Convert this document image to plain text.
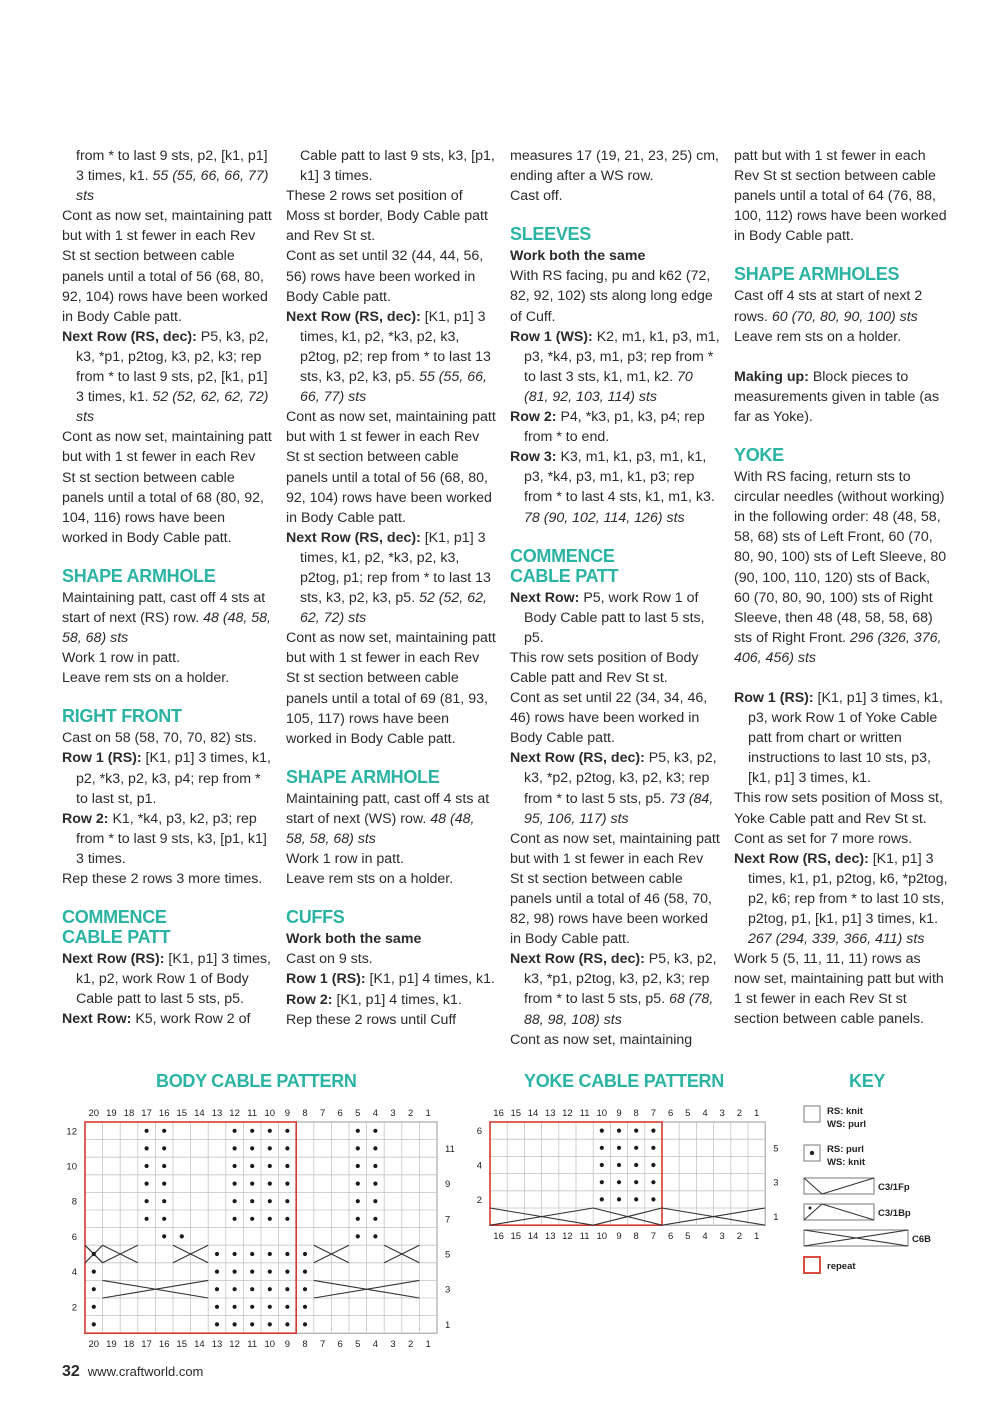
from * to last 9 sts, p2, [k1, p1] 3 times, k1. 55 (55, 66, 66, 77) sts

Cont as now set, maintaining patt but with 1 st fewer in each Rev St st section between cable panels until a total of 56 (68, 80, 92, 104) rows have been worked in Body Cable patt.

Next Row (RS, dec): P5, k3, p2, k3, *p1, p2tog, k3, p2, k3; rep from * to last 9 sts, p2, [k1, p1] 3 times, k1. 52 (52, 62, 62, 72) sts

Cont as now set, maintaining patt but with 1 st fewer in each Rev St st section between cable panels until a total of 68 (80, 92, 104, 116) rows have been worked in Body Cable patt.

SHAPE ARMHOLE

Maintaining patt, cast off 4 sts at start of next (RS) row. 48 (48, 58, 58, 68) sts

Work 1 row in patt.

Leave rem sts on a holder.

RIGHT FRONT

Cast on 58 (58, 70, 70, 82) sts.

Row 1 (RS): [K1, p1] 3 times, k1, p2, *k3, p2, k3, p4; rep from * to last st, p1.

Row 2: K1, *k4, p3, k2, p3; rep from * to last 9 sts, k3, [p1, k1] 3 times.

Rep these 2 rows 3 more times.

COMMENCE CABLE PATT

Next Row (RS): [K1, p1] 3 times, k1, p2, work Row 1 of Body Cable patt to last 5 sts, p5.

Next Row: K5, work Row 2 of

Cable patt to last 9 sts, k3, [p1, k1] 3 times.

These 2 rows set position of Moss st border, Body Cable patt and Rev St st.

Cont as set until 32 (44, 44, 56, 56) rows have been worked in Body Cable patt.

Next Row (RS, dec): [K1, p1] 3 times, k1, p2, *k3, p2, k3, p2tog, p2; rep from * to last 13 sts, k3, p2, k3, p5. 55 (55, 66, 66, 77) sts

Cont as now set, maintaining patt but with 1 st fewer in each Rev St st section between cable panels until a total of 56 (68, 80, 92, 104) rows have been worked in Body Cable patt.

Next Row (RS, dec): [K1, p1] 3 times, k1, p2, *k3, p2, k3, p2tog, p1; rep from * to last 13 sts, k3, p2, k3, p5. 52 (52, 62, 62, 72) sts

Cont as now set, maintaining patt but with 1 st fewer in each Rev St st section between cable panels until a total of 69 (81, 93, 105, 117) rows have been worked in Body Cable patt.

SHAPE ARMHOLE

Maintaining patt, cast off 4 sts at start of next (WS) row. 48 (48, 58, 58, 68) sts

Work 1 row in patt.

Leave rem sts on a holder.

CUFFS

Work both the same

Cast on 9 sts.

Row 1 (RS): [K1, p1] 4 times, k1.

Row 2: [K1, p1] 4 times, k1.

Rep these 2 rows until Cuff

measures 17 (19, 21, 23, 25) cm, ending after a WS row.

Cast off.

SLEEVES

Work both the same

With RS facing, pu and k62 (72, 82, 92, 102) sts along long edge of Cuff.

Row 1 (WS): K2, m1, k1, p3, m1, p3, *k4, p3, m1, p3; rep from * to last 3 sts, k1, m1, k2. 70 (81, 92, 103, 114) sts

Row 2: P4, *k3, p1, k3, p4; rep from * to end.

Row 3: K3, m1, k1, p3, m1, k1, p3, *k4, p3, m1, k1, p3; rep from * to last 4 sts, k1, m1, k3. 78 (90, 102, 114, 126) sts

COMMENCE CABLE PATT

Next Row: P5, work Row 1 of Body Cable patt to last 5 sts, p5.

This row sets position of Body Cable patt and Rev St st.

Cont as set until 22 (34, 34, 46, 46) rows have been worked in Body Cable patt.

Next Row (RS, dec): P5, k3, p2, k3, *p2, p2tog, k3, p2, k3; rep from * to last 5 sts, p5. 73 (84, 95, 106, 117) sts

Cont as now set, maintaining patt but with 1 st fewer in each Rev St st section between cable panels until a total of 46 (58, 70, 82, 98) rows have been worked in Body Cable patt.

Next Row (RS, dec): P5, k3, p2, k3, *p1, p2tog, k3, p2, k3; rep from * to last 5 sts, p5. 68 (78, 88, 98, 108) sts

Cont as now set, maintaining

patt but with 1 st fewer in each Rev St st section between cable panels until a total of 64 (76, 88, 100, 112) rows have been worked in Body Cable patt.

SHAPE ARMHOLES

Cast off 4 sts at start of next 2 rows. 60 (70, 80, 90, 100) sts

Leave rem sts on a holder.

Making up: Block pieces to measurements given in table (as far as Yoke).

YOKE

With RS facing, return sts to circular needles (without working) in the following order: 48 (48, 58, 58, 68) sts of Left Front, 60 (70, 80, 90, 100) sts of Left Sleeve, 80 (90, 100, 110, 120) sts of Back, 60 (70, 80, 90, 100) sts of Right Sleeve, then 48 (48, 58, 58, 68) sts of Right Front. 296 (326, 376, 406, 456) sts

Row 1 (RS): [K1, p1] 3 times, k1, p3, work Row 1 of Yoke Cable patt from chart or written instructions to last 10 sts, p3, [k1, p1] 3 times, k1.

This row sets position of Moss st, Yoke Cable patt and Rev St st.

Cont as set for 7 more rows.

Next Row (RS, dec): [K1, p1] 3 times, k1, p1, p2tog, k6, *p2tog, p2, k6; rep from * to last 10 sts, p2tog, p1, [k1, p1] 3 times, k1. 267 (294, 339, 366, 411) sts

Work 5 (5, 11, 11, 11) rows as now set, maintaining patt but with 1 st fewer in each Rev St st section between cable panels.

BODY CABLE PATTERN	YOKE CABLE PATTERN	KEY
20
20
19
19
18
18
17
17
16
16
15
15
14
14
13
13
12
12
11
11
10
10
9
9
8
8
7
7
6
6
5
5
4
4
3
3
2
2
1
1
12
10
8
6
4
2
11
9
7
5
3
1
16
16
15
15
14
14
13
13
12
12
11
11
10
10
9
9
8
8
7
7
6
6
5
5
4
4
3
3
2
2
1
1
6
4
2
5
3
1
RS: knit
WS: purl
RS: purl
WS: knit
C3/1Fp
C3/1Bp
C6B
repeat
32 www.craftworld.com
